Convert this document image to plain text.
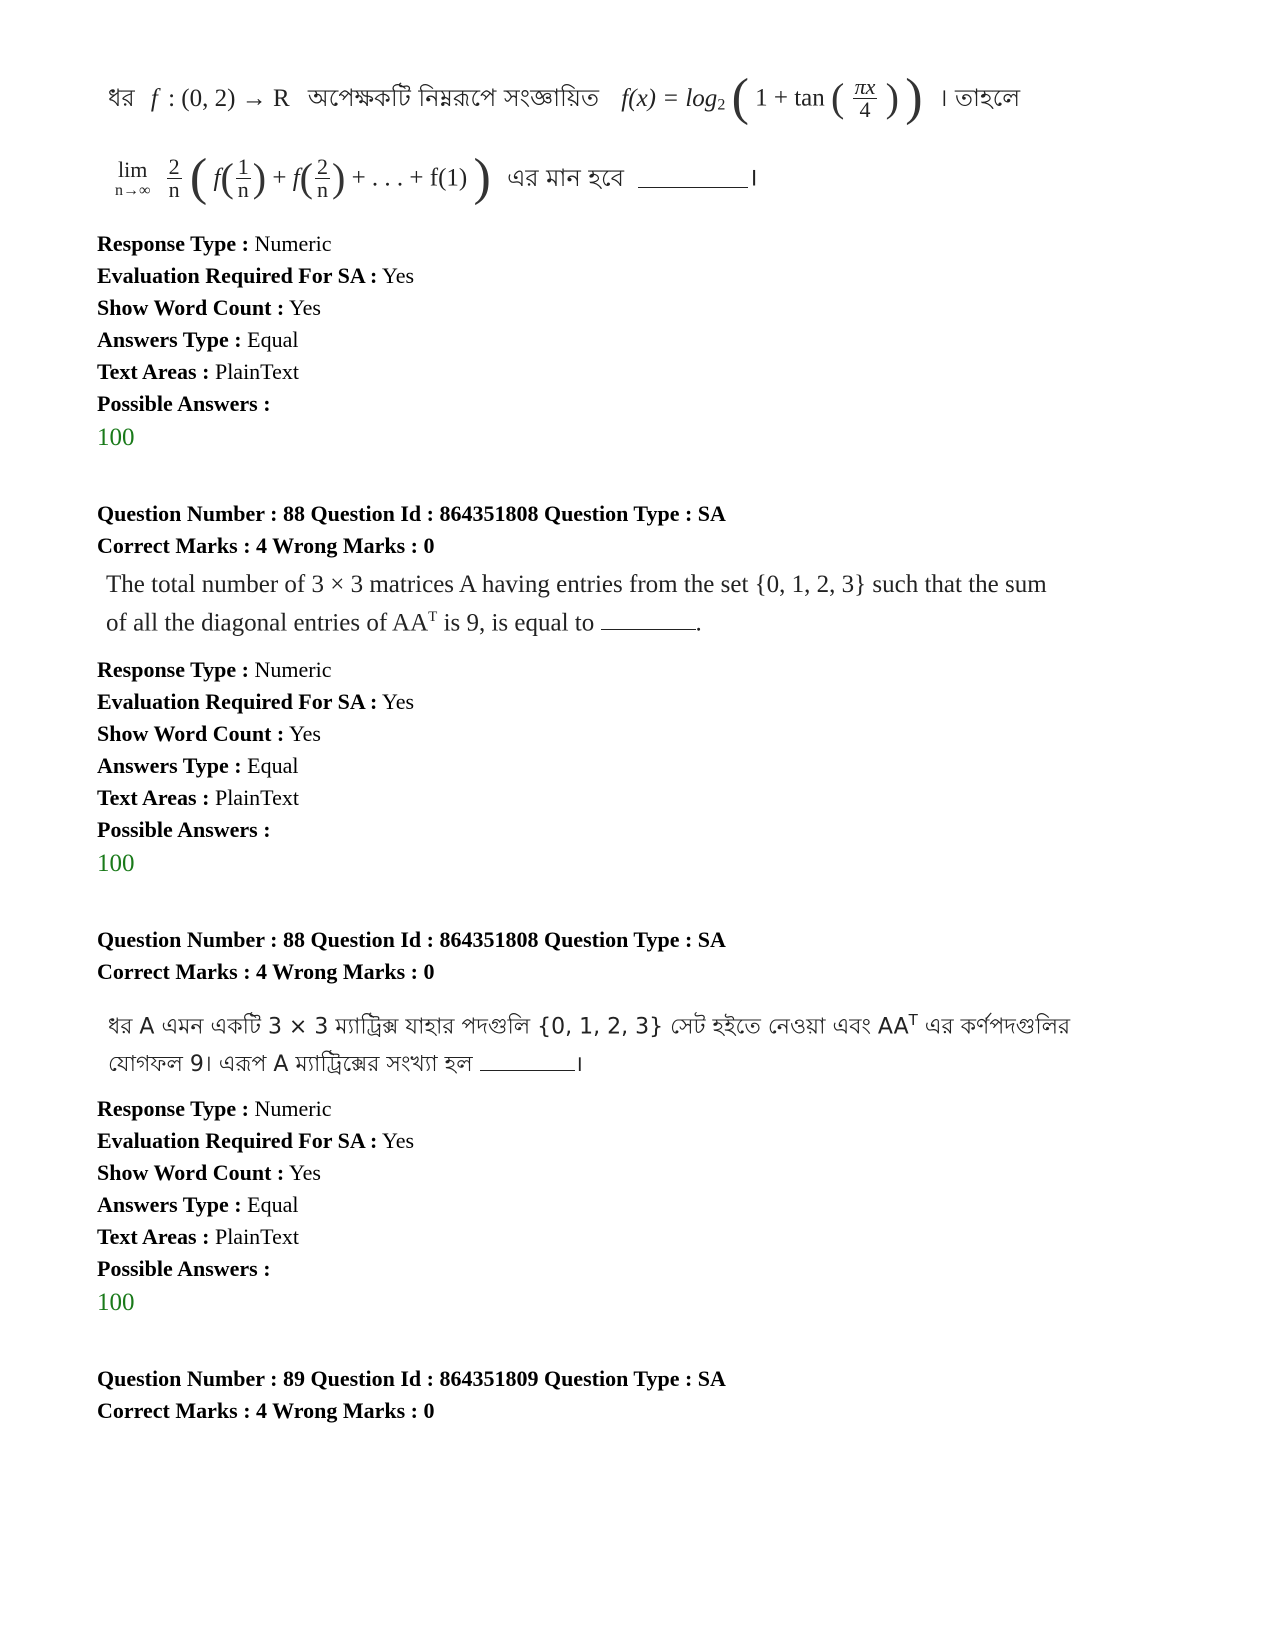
ধর f : (0, 2) → R অপেক্ষকটি নিম্নরূপে সংজ্ঞায়িত $f(x) = \log_2$ ( 1 + tan ( $\frac{\pi x}{4}$ ) ) । তাহলে
lim
n→∞
$\frac{2}{n}$ ( $f( \frac{1}{n}$ ) + $f( \frac{2}{n}$ ) + . . . + f(1) ) এর মান হবে	।
Response Type : Numeric
Evaluation Required For SA : Yes
Show Word Count : Yes
Answers Type : Equal
Text Areas : PlainText
Possible Answers :
100
Question Number : 88 Question Id : 864351808 Question Type : SA
Correct Marks : 4 Wrong Marks : 0
The total number of 3 × 3 matrices A having entries from the set {0, 1, 2, 3} such that the sum
of all the diagonal entries of $AA^T$ is 9, is equal to	.
Response Type : Numeric
Evaluation Required For SA : Yes
Show Word Count : Yes
Answers Type : Equal
Text Areas : PlainText
Possible Answers :
100
Question Number : 88 Question Id : 864351808 Question Type : SA
Correct Marks : 4 Wrong Marks : 0
ধর A এমন একটি 3 × 3 ম্যাট্রিক্স যাহার পদগুলি {0, 1, 2, 3} সেট হইতে নেওয়া এবং $AA^T$ এর কর্ণপদগুলির
যোগফল 9। এরূপ A ম্যাট্রিক্সের সংখ্যা হল	।
Response Type : Numeric
Evaluation Required For SA : Yes
Show Word Count : Yes
Answers Type : Equal
Text Areas : PlainText
Possible Answers :
100
Question Number : 89 Question Id : 864351809 Question Type : SA
Correct Marks : 4 Wrong Marks : 0
